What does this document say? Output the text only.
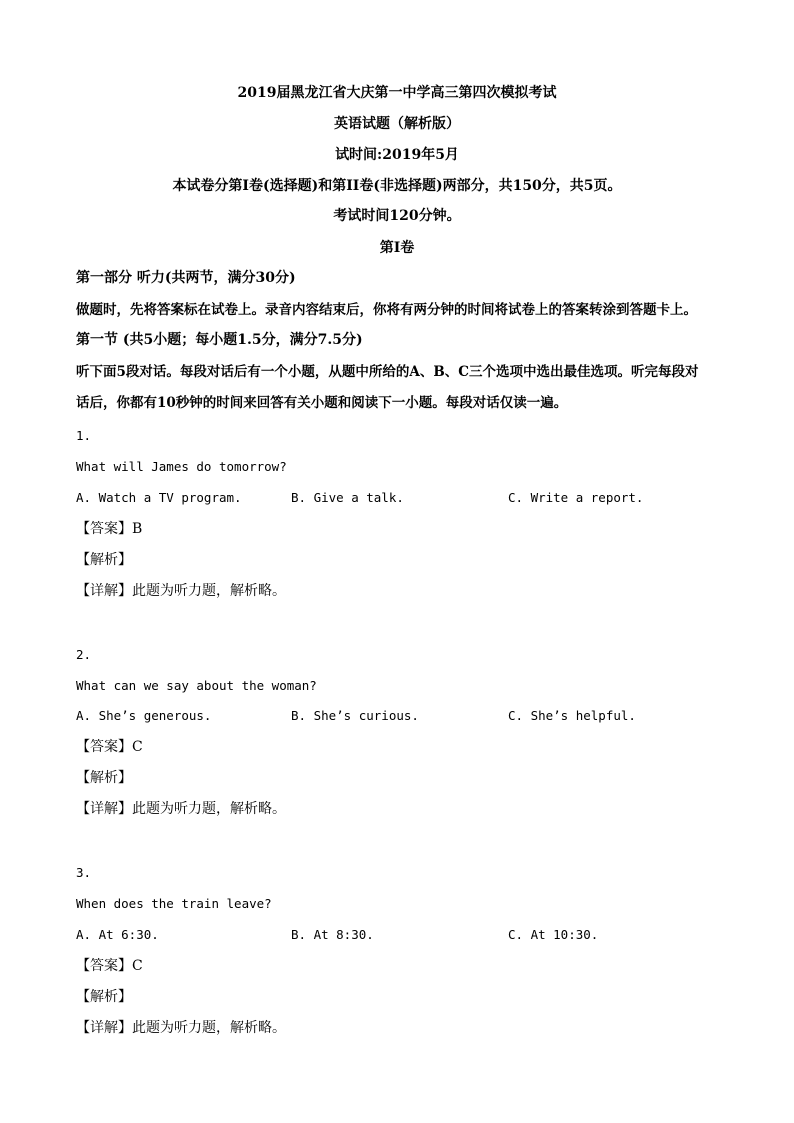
2019届黑龙江省大庆第一中学高三第四次模拟考试
英语试题（解析版）
试时间:2019年5月
本试卷分第I卷(选择题)和第II卷(非选择题)两部分，共150分，共5页。
考试时间120分钟。
第I卷
第一部分 听力(共两节，满分30分)
做题时，先将答案标在试卷上。录音内容结束后，你将有两分钟的时间将试卷上的答案转涂到答题卡上。
第一节 (共5小题；每小题1.5分，满分7.5分)
听下面5段对话。每段对话后有一个小题，从题中所给的A、B、C三个选项中选出最佳选项。听完每段对
话后，你都有10秒钟的时间来回答有关小题和阅读下一小题。每段对话仅读一遍。
1.
What will James do tomorrow?
A. Watch a TV program.	B. Give a talk.	C. Write a report.
【答案】B
【解析】
【详解】此题为听力题，解析略。
2.
What can we say about the woman?
A. She’s generous.	B. She’s curious.	C. She’s helpful.
【答案】C
【解析】
【详解】此题为听力题，解析略。
3.
When does the train leave?
A. At 6:30.	B. At 8:30.	C. At 10:30.
【答案】C
【解析】
【详解】此题为听力题，解析略。
